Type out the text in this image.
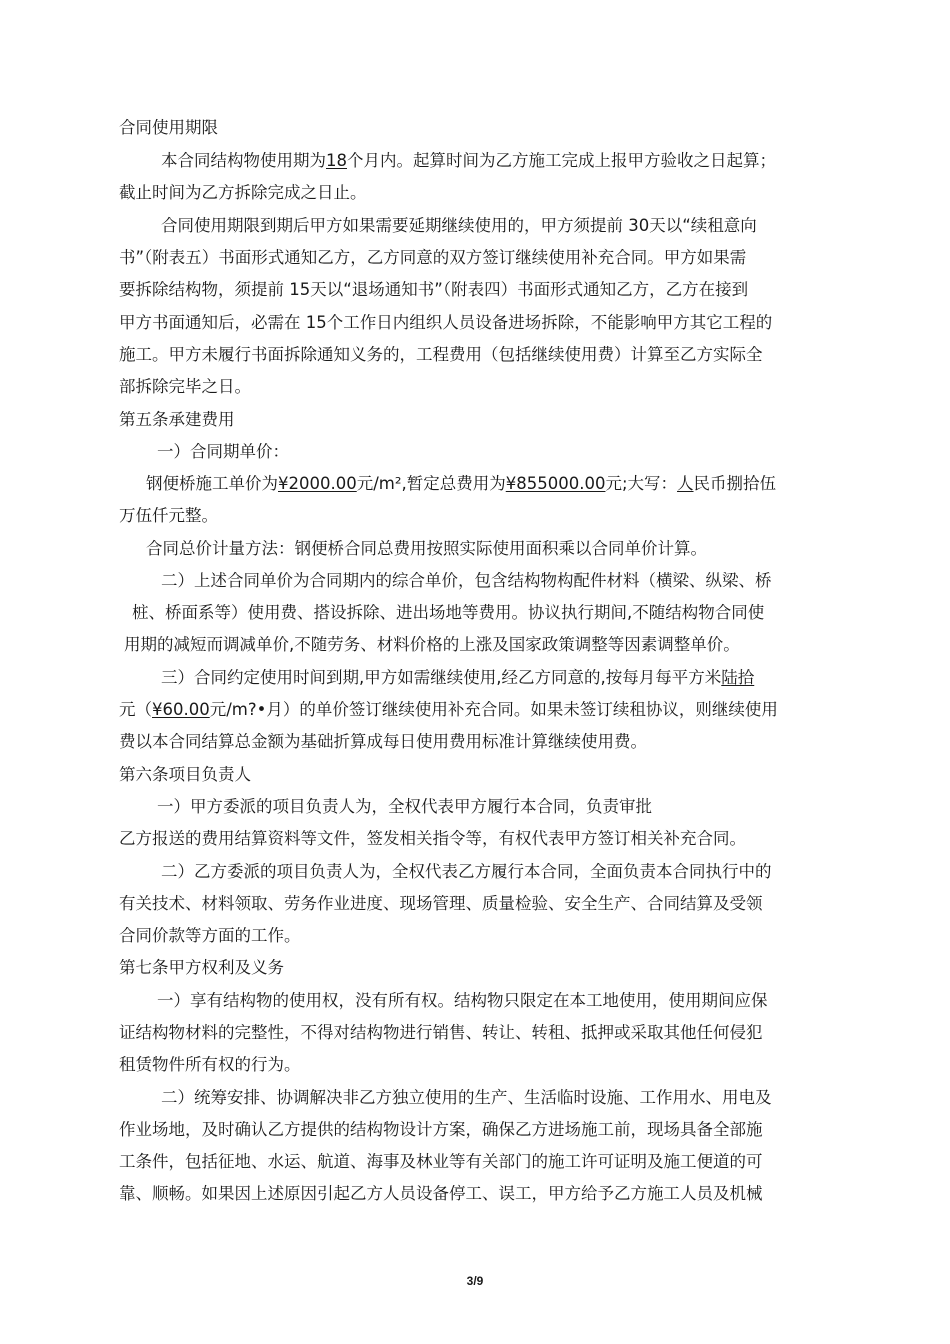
合同使用期限
本合同结构物使用期为18个月内。起算时间为乙方施工完成上报甲方验收之日起算；
截止时间为乙方拆除完成之日止。
合同使用期限到期后甲方如果需要延期继续使用的，甲方须提前 30天以“续租意向
书”（附表五）书面形式通知乙方，乙方同意的双方签订继续使用补充合同。甲方如果需
要拆除结构物，须提前 15天以“退场通知书”（附表四）书面形式通知乙方，乙方在接到
甲方书面通知后，必需在 15个工作日内组织人员设备进场拆除，不能影响甲方其它工程的
施工。甲方未履行书面拆除通知义务的，工程费用（包括继续使用费）计算至乙方实际全
部拆除完毕之日。
第五条承建费用
一）合同期单价：
钢便桥施工单价为¥2000.00元/m²,暂定总费用为¥855000.00元;大写：人民币捌拾伍
万伍仟元整。
合同总价计量方法：钢便桥合同总费用按照实际使用面积乘以合同单价计算。
二）上述合同单价为合同期内的综合单价，包含结构物构配件材料（横梁、纵梁、桥
桩、桥面系等）使用费、搭设拆除、进出场地等费用。协议执行期间,不随结构物合同使
用期的减短而调减单价,不随劳务、材料价格的上涨及国家政策调整等因素调整单价。
三）合同约定使用时间到期,甲方如需继续使用,经乙方同意的,按每月每平方米陆拾
元（¥60.00元/m?•月）的单价签订继续使用补充合同。如果未签订续租协议，则继续使用
费以本合同结算总金额为基础折算成每日使用费用标准计算继续使用费。
第六条项目负责人
一）甲方委派的项目负责人为，全权代表甲方履行本合同，负责审批
乙方报送的费用结算资料等文件，签发相关指令等，有权代表甲方签订相关补充合同。
二）乙方委派的项目负责人为，全权代表乙方履行本合同，全面负责本合同执行中的
有关技术、材料领取、劳务作业进度、现场管理、质量检验、安全生产、合同结算及受领
合同价款等方面的工作。
第七条甲方权利及义务
一）享有结构物的使用权，没有所有权。结构物只限定在本工地使用，使用期间应保
证结构物材料的完整性，不得对结构物进行销售、转让、转租、抵押或采取其他任何侵犯
租赁物件所有权的行为。
二）统筹安排、协调解决非乙方独立使用的生产、生活临时设施、工作用水、用电及
作业场地，及时确认乙方提供的结构物设计方案，确保乙方进场施工前，现场具备全部施
工条件，包括征地、水运、航道、海事及林业等有关部门的施工许可证明及施工便道的可
靠、顺畅。如果因上述原因引起乙方人员设备停工、误工，甲方给予乙方施工人员及机械
3/9
